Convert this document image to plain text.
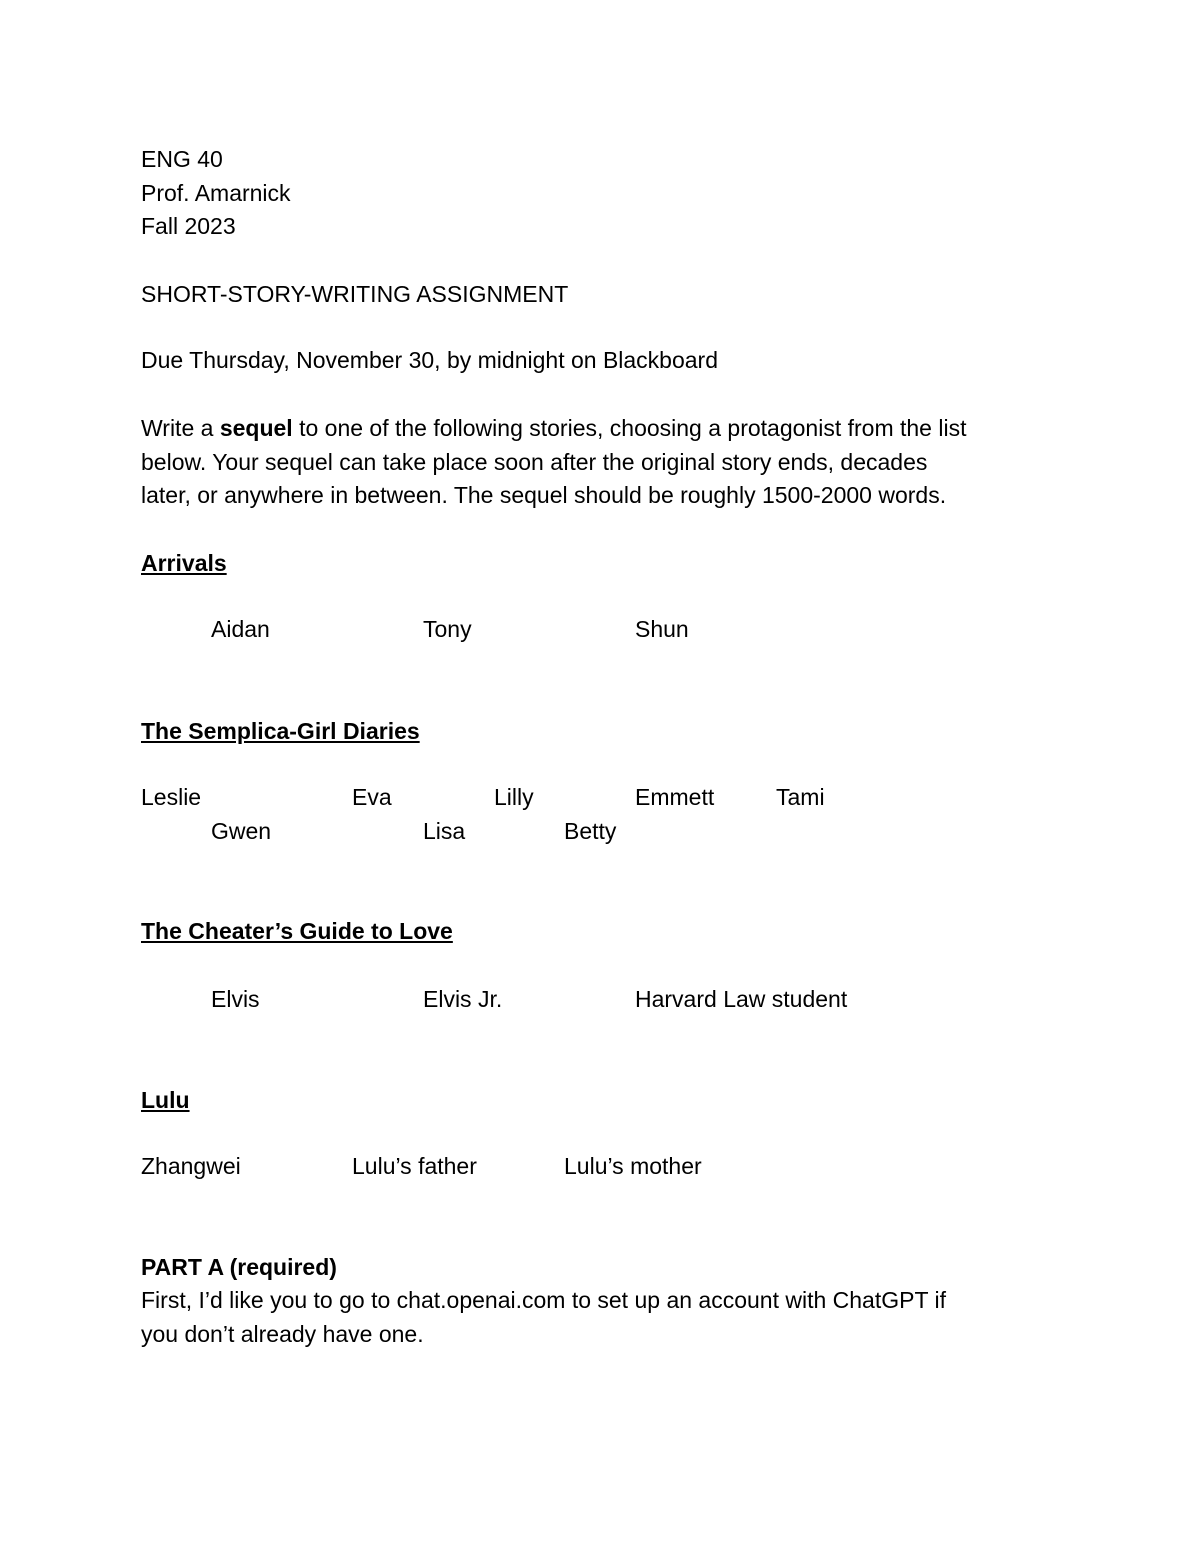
ENG 40
Prof. Amarnick
Fall 2023
SHORT-STORY-WRITING ASSIGNMENT
Due Thursday, November 30, by midnight on Blackboard
Write a sequel to one of the following stories, choosing a protagonist from the list
below. Your sequel can take place soon after the original story ends, decades
later, or anywhere in between. The sequel should be roughly 1500-2000 words.
Arrivals
Aidan	Tony	Shun
The Semplica-Girl Diaries
Leslie	Eva	Lilly	Emmett	Tami
Gwen	Lisa	Betty
The Cheater’s Guide to Love
Elvis	Elvis Jr.	Harvard Law student
Lulu
Zhangwei	Lulu’s father	Lulu’s mother
PART A (required)
First, I’d like you to go to chat.openai.com to set up an account with ChatGPT if
you don’t already have one.
